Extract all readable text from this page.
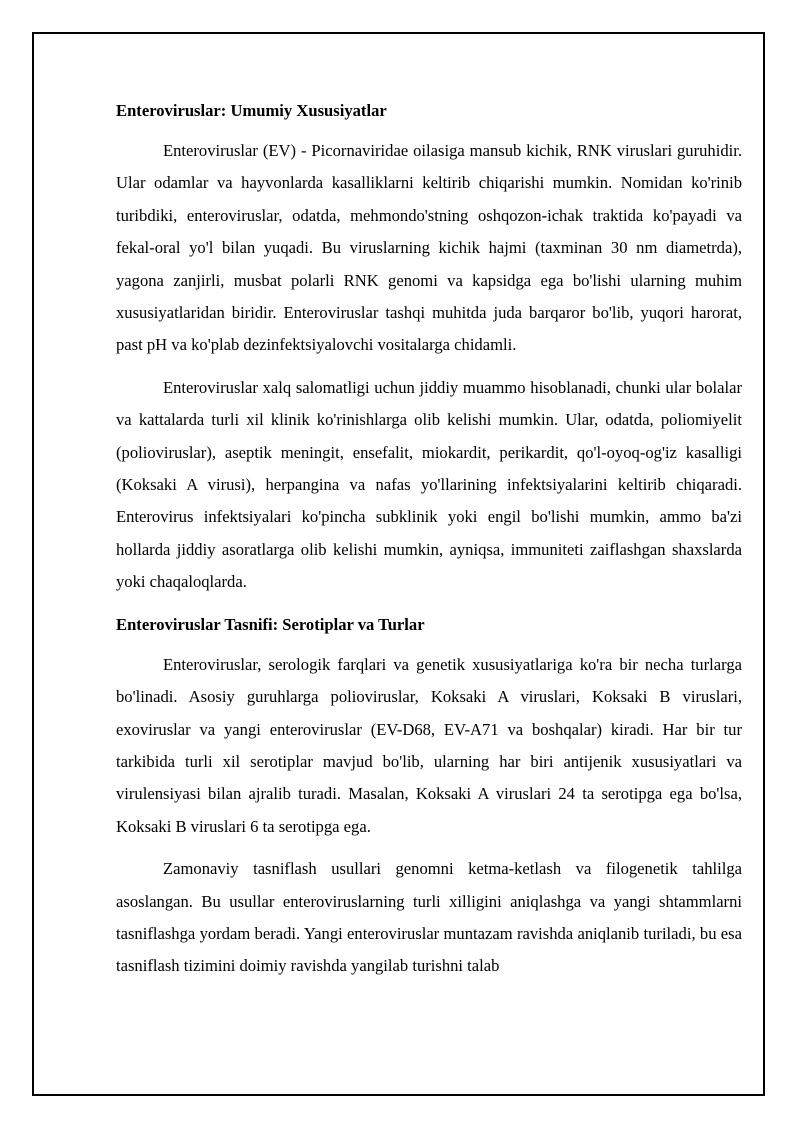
Enteroviruslar: Umumiy Xususiyatlar

Enteroviruslar (EV) - Picornaviridae oilasiga mansub kichik, RNK viruslari guruhidir. Ular odamlar va hayvonlarda kasalliklarni keltirib chiqarishi mumkin. Nomidan ko'rinib turibdiki, enteroviruslar, odatda, mehmondo'stning oshqozon-ichak traktida ko'payadi va fekal-oral yo'l bilan yuqadi. Bu viruslarning kichik hajmi (taxminan 30 nm diametrda), yagona zanjirli, musbat polarli RNK genomi va kapsidga ega bo'lishi ularning muhim xususiyatlaridan biridir. Enteroviruslar tashqi muhitda juda barqaror bo'lib, yuqori harorat, past pH va ko'plab dezinfektsiyalovchi vositalarga chidamli.

Enteroviruslar xalq salomatligi uchun jiddiy muammo hisoblanadi, chunki ular bolalar va kattalarda turli xil klinik ko'rinishlarga olib kelishi mumkin. Ular, odatda, poliomiyelit (polioviruslar), aseptik meningit, ensefalit, miokardit, perikardit, qo'l-oyoq-og'iz kasalligi (Koksaki A virusi), herpangina va nafas yo'llarining infektsiyalarini keltirib chiqaradi. Enterovirus infektsiyalari ko'pincha subklinik yoki engil bo'lishi mumkin, ammo ba'zi hollarda jiddiy asoratlarga olib kelishi mumkin, ayniqsa, immuniteti zaiflashgan shaxslarda yoki chaqaloqlarda.

Enteroviruslar Tasnifi: Serotiplar va Turlar

Enteroviruslar, serologik farqlari va genetik xususiyatlariga ko'ra bir necha turlarga bo'linadi. Asosiy guruhlarga polioviruslar, Koksaki A viruslari, Koksaki B viruslari, exoviruslar va yangi enteroviruslar (EV-D68, EV-A71 va boshqalar) kiradi. Har bir tur tarkibida turli xil serotiplar mavjud bo'lib, ularning har biri antijenik xususiyatlari va virulensiyasi bilan ajralib turadi. Masalan, Koksaki A viruslari 24 ta serotipga ega bo'lsa, Koksaki B viruslari 6 ta serotipga ega.

Zamonaviy tasniflash usullari genomni ketma-ketlash va filogenetik tahlilga asoslangan. Bu usullar enteroviruslarning turli xilligini aniqlashga va yangi shtammlarni tasniflashga yordam beradi. Yangi enteroviruslar muntazam ravishda aniqlanib turiladi, bu esa tasniflash tizimini doimiy ravishda yangilab turishni talab
